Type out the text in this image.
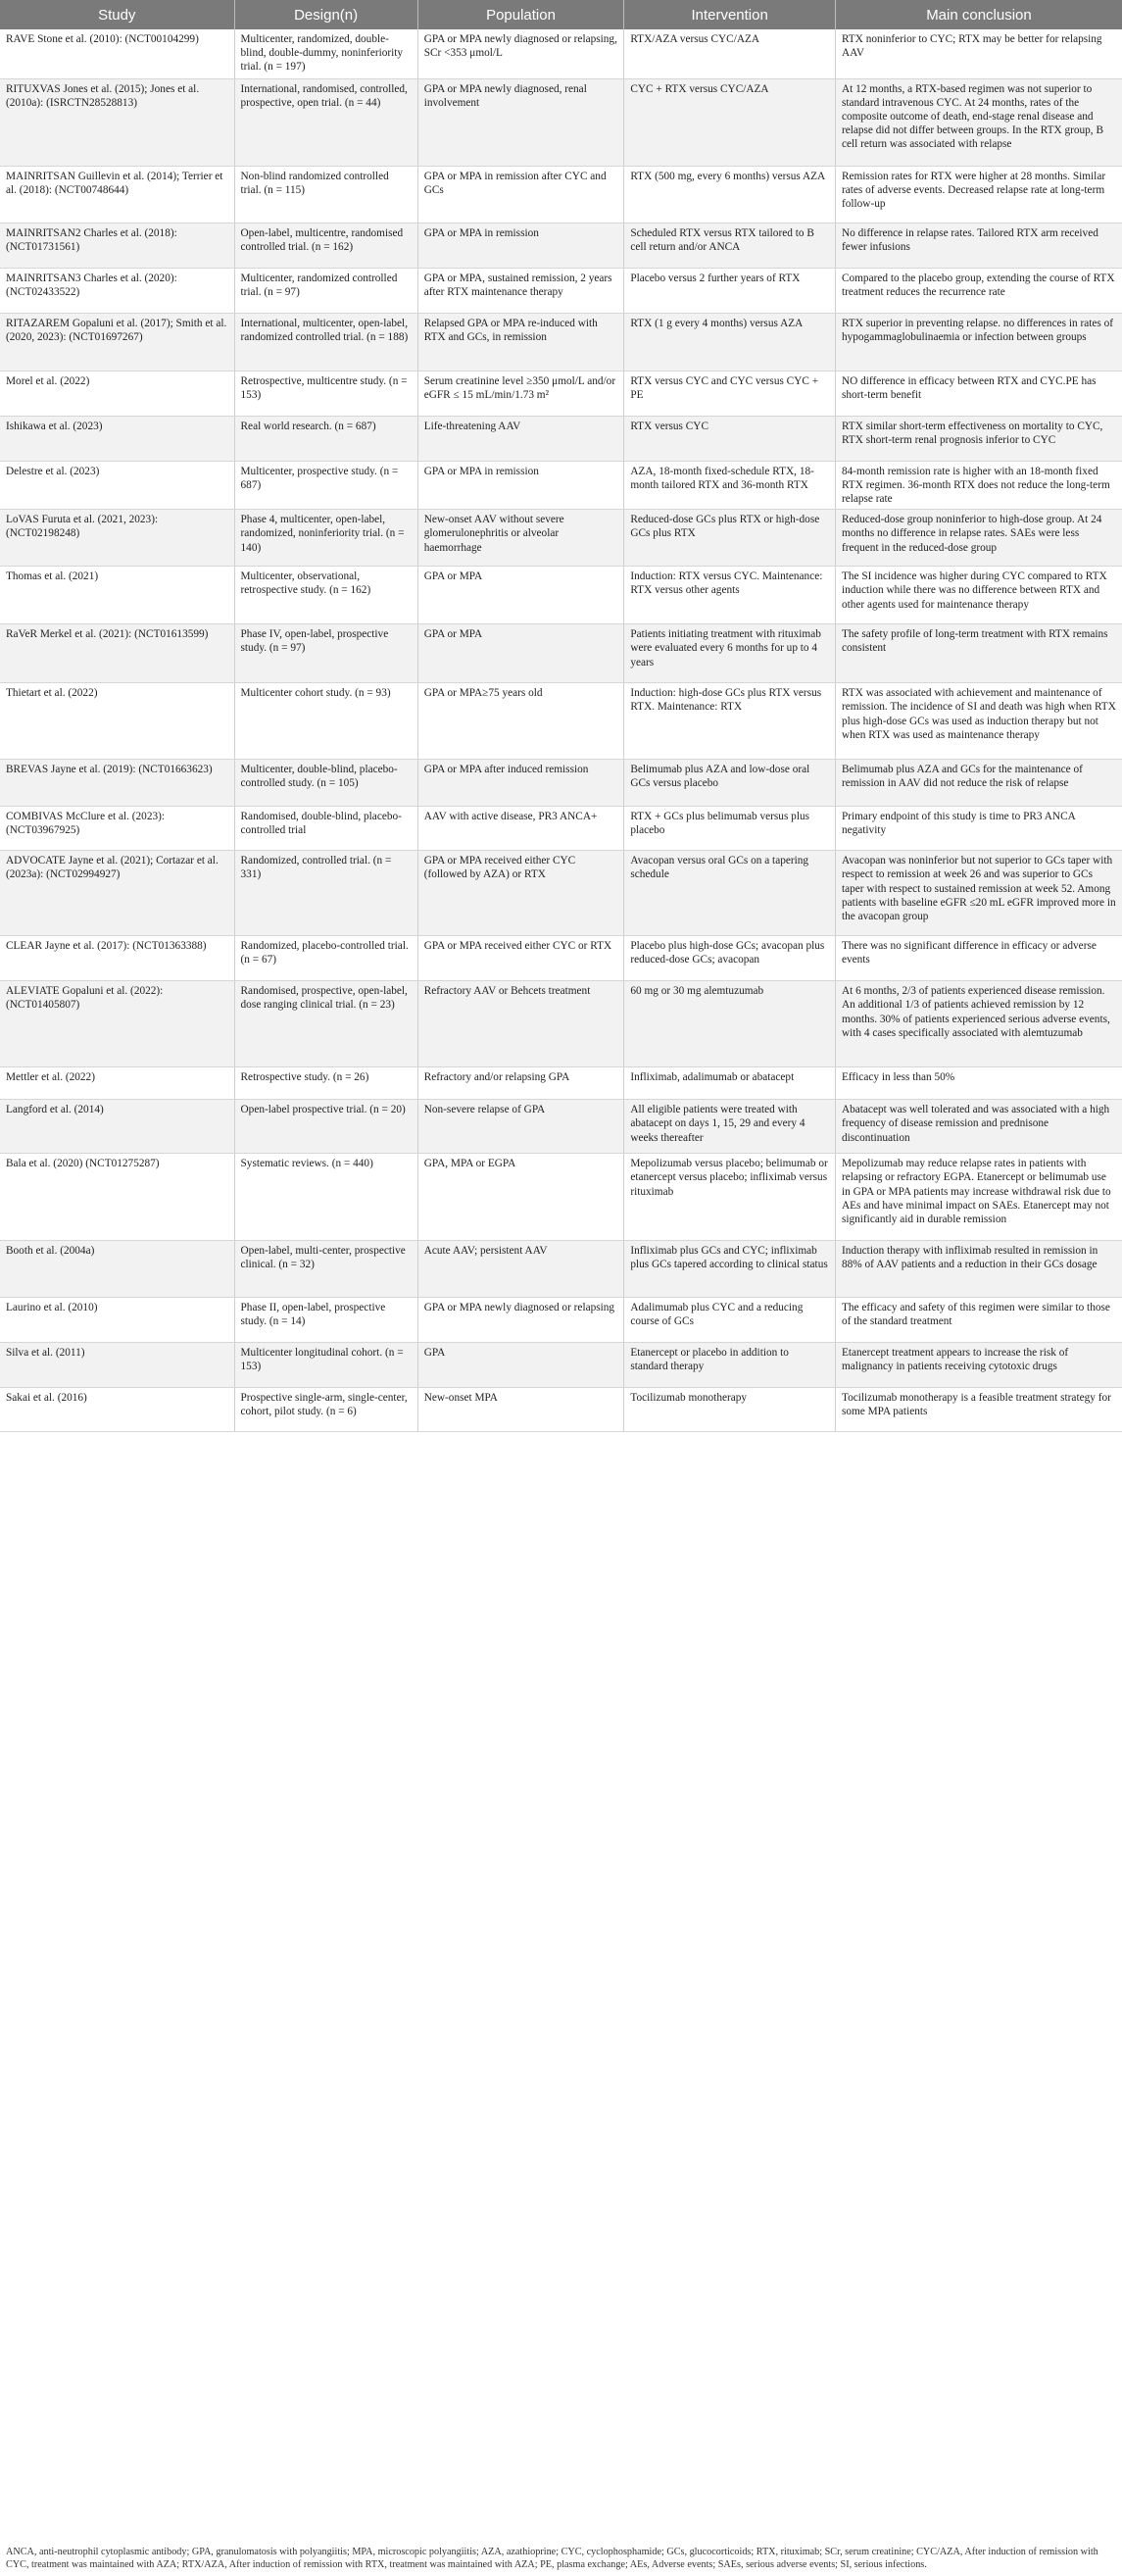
Study	Design(n)	Population	Intervention	Main conclusion
RAVE Stone et al. (2010): (NCT00104299)	Multicenter, randomized, double-blind, double-dummy, noninferiority trial. (n = 197)	GPA or MPA newly diagnosed or relapsing, SCr <353 μmol/L	RTX/AZA versus CYC/AZA	RTX noninferior to CYC; RTX may be better for relapsing AAV
RITUXVAS Jones et al. (2015); Jones et al. (2010a): (ISRCTN28528813)	International, randomised, controlled, prospective, open trial. (n = 44)	GPA or MPA newly diagnosed, renal involvement	CYC + RTX versus CYC/AZA	At 12 months, a RTX-based regimen was not superior to standard intravenous CYC. At 24 months, rates of the composite outcome of death, end-stage renal disease and relapse did not differ between groups. In the RTX group, B cell return was associated with relapse
MAINRITSAN Guillevin et al. (2014); Terrier et al. (2018): (NCT00748644)	Non-blind randomized controlled trial. (n = 115)	GPA or MPA in remission after CYC and GCs	RTX (500 mg, every 6 months) versus AZA	Remission rates for RTX were higher at 28 months. Similar rates of adverse events. Decreased relapse rate at long-term follow-up
MAINRITSAN2 Charles et al. (2018): (NCT01731561)	Open-label, multicentre, randomised controlled trial. (n = 162)	GPA or MPA in remission	Scheduled RTX versus RTX tailored to B cell return and/or ANCA	No difference in relapse rates. Tailored RTX arm received fewer infusions
MAINRITSAN3 Charles et al. (2020): (NCT02433522)	Multicenter, randomized controlled trial. (n = 97)	GPA or MPA, sustained remission, 2 years after RTX maintenance therapy	Placebo versus 2 further years of RTX	Compared to the placebo group, extending the course of RTX treatment reduces the recurrence rate
RITAZAREM Gopaluni et al. (2017); Smith et al. (2020, 2023): (NCT01697267)	International, multicenter, open-label, randomized controlled trial. (n = 188)	Relapsed GPA or MPA re-induced with RTX and GCs, in remission	RTX (1 g every 4 months) versus AZA	RTX superior in preventing relapse. no differences in rates of hypogammaglobulinaemia or infection between groups
Morel et al. (2022)	Retrospective, multicentre study. (n = 153)	Serum creatinine level ≥350 μmol/L and/or eGFR ≤ 15 mL/min/1.73 m²	RTX versus CYC and CYC versus CYC + PE	NO difference in efficacy between RTX and CYC.PE has short-term benefit
Ishikawa et al. (2023)	Real world research. (n = 687)	Life-threatening AAV	RTX versus CYC	RTX similar short-term effectiveness on mortality to CYC, RTX short-term renal prognosis inferior to CYC
Delestre et al. (2023)	Multicenter, prospective study. (n = 687)	GPA or MPA in remission	AZA, 18-month fixed-schedule RTX, 18-month tailored RTX and 36-month RTX	84-month remission rate is higher with an 18-month fixed RTX regimen. 36-month RTX does not reduce the long-term relapse rate
LoVAS Furuta et al. (2021, 2023): (NCT02198248)	Phase 4, multicenter, open-label, randomized, noninferiority trial. (n = 140)	New-onset AAV without severe glomerulonephritis or alveolar haemorrhage	Reduced-dose GCs plus RTX or high-dose GCs plus RTX	Reduced-dose group noninferior to high-dose group. At 24 months no difference in relapse rates. SAEs were less frequent in the reduced-dose group
Thomas et al. (2021)	Multicenter, observational, retrospective study. (n = 162)	GPA or MPA	Induction: RTX versus CYC. Maintenance: RTX versus other agents	The SI incidence was higher during CYC compared to RTX induction while there was no difference between RTX and other agents used for maintenance therapy
RaVeR Merkel et al. (2021): (NCT01613599)	Phase IV, open-label, prospective study. (n = 97)	GPA or MPA	Patients initiating treatment with rituximab were evaluated every 6 months for up to 4 years	The safety profile of long-term treatment with RTX remains consistent
Thietart et al. (2022)	Multicenter cohort study. (n = 93)	GPA or MPA≥75 years old	Induction: high-dose GCs plus RTX versus RTX. Maintenance: RTX	RTX was associated with achievement and maintenance of remission. The incidence of SI and death was high when RTX plus high-dose GCs was used as induction therapy but not when RTX was used as maintenance therapy
BREVAS Jayne et al. (2019): (NCT01663623)	Multicenter, double-blind, placebo-controlled study. (n = 105)	GPA or MPA after induced remission	Belimumab plus AZA and low-dose oral GCs versus placebo	Belimumab plus AZA and GCs for the maintenance of remission in AAV did not reduce the risk of relapse
COMBIVAS McClure et al. (2023): (NCT03967925)	Randomised, double-blind, placebo-controlled trial	AAV with active disease, PR3 ANCA+	RTX + GCs plus belimumab versus plus placebo	Primary endpoint of this study is time to PR3 ANCA negativity
ADVOCATE Jayne et al. (2021); Cortazar et al. (2023a): (NCT02994927)	Randomized, controlled trial. (n = 331)	GPA or MPA received either CYC (followed by AZA) or RTX	Avacopan versus oral GCs on a tapering schedule	Avacopan was noninferior but not superior to GCs taper with respect to remission at week 26 and was superior to GCs taper with respect to sustained remission at week 52. Among patients with baseline eGFR ≤20 mL eGFR improved more in the avacopan group
CLEAR Jayne et al. (2017): (NCT01363388)	Randomized, placebo-controlled trial. (n = 67)	GPA or MPA received either CYC or RTX	Placebo plus high-dose GCs; avacopan plus reduced-dose GCs; avacopan	There was no significant difference in efficacy or adverse events
ALEVIATE Gopaluni et al. (2022): (NCT01405807)	Randomised, prospective, open-label, dose ranging clinical trial. (n = 23)	Refractory AAV or Behcets treatment	60 mg or 30 mg alemtuzumab	At 6 months, 2/3 of patients experienced disease remission. An additional 1/3 of patients achieved remission by 12 months. 30% of patients experienced serious adverse events, with 4 cases specifically associated with alemtuzumab
Mettler et al. (2022)	Retrospective study. (n = 26)	Refractory and/or relapsing GPA	Infliximab, adalimumab or abatacept	Efficacy in less than 50%
Langford et al. (2014)	Open-label prospective trial. (n = 20)	Non-severe relapse of GPA	All eligible patients were treated with abatacept on days 1, 15, 29 and every 4 weeks thereafter	Abatacept was well tolerated and was associated with a high frequency of disease remission and prednisone discontinuation
Bala et al. (2020) (NCT01275287)	Systematic reviews. (n = 440)	GPA, MPA or EGPA	Mepolizumab versus placebo; belimumab or etanercept versus placebo; infliximab versus rituximab	Mepolizumab may reduce relapse rates in patients with relapsing or refractory EGPA. Etanercept or belimumab use in GPA or MPA patients may increase withdrawal risk due to AEs and have minimal impact on SAEs. Etanercept may not significantly aid in durable remission
Booth et al. (2004a)	Open-label, multi-center, prospective clinical. (n = 32)	Acute AAV; persistent AAV	Infliximab plus GCs and CYC; infliximab plus GCs tapered according to clinical status	Induction therapy with infliximab resulted in remission in 88% of AAV patients and a reduction in their GCs dosage
Laurino et al. (2010)	Phase II, open-label, prospective study. (n = 14)	GPA or MPA newly diagnosed or relapsing	Adalimumab plus CYC and a reducing course of GCs	The efficacy and safety of this regimen were similar to those of the standard treatment
Silva et al. (2011)	Multicenter longitudinal cohort. (n = 153)	GPA	Etanercept or placebo in addition to standard therapy	Etanercept treatment appears to increase the risk of malignancy in patients receiving cytotoxic drugs
Sakai et al. (2016)	Prospective single-arm, single-center, cohort, pilot study. (n = 6)	New-onset MPA	Tocilizumab monotherapy	Tocilizumab monotherapy is a feasible treatment strategy for some MPA patients
ANCA, anti-neutrophil cytoplasmic antibody; GPA, granulomatosis with polyangiitis; MPA, microscopic polyangiitis; AZA, azathioprine; CYC, cyclophosphamide; GCs, glucocorticoids; RTX, rituximab; SCr, serum creatinine; CYC/AZA, After induction of remission with CYC, treatment was maintained with AZA; RTX/AZA, After induction of remission with RTX, treatment was maintained with AZA; PE, plasma exchange; AEs, Adverse events; SAEs, serious adverse events; SI, serious infections.
